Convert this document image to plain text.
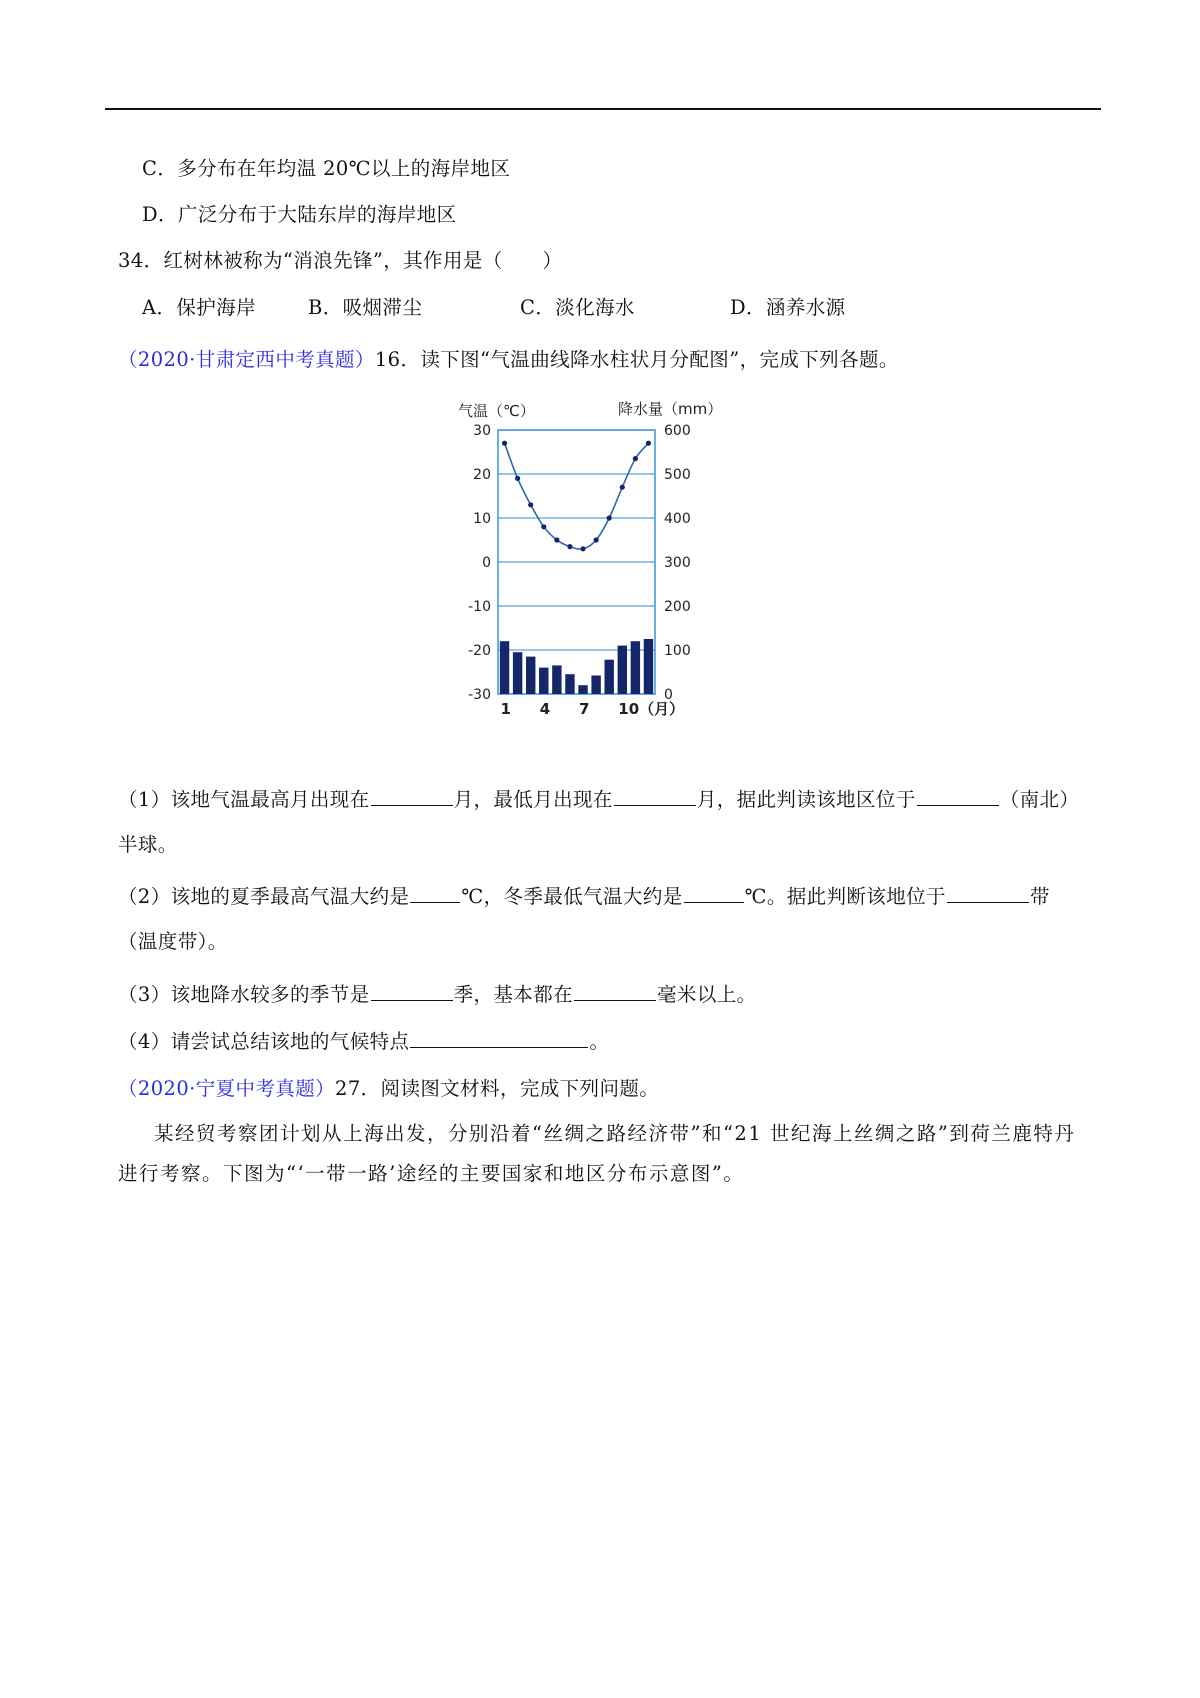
C．多分布在年均温 20℃以上的海岸地区
D．广泛分布于大陆东岸的海岸地区
34．红树林被称为“消浪先锋”，其作用是（　　）
A．保护海岸	B．吸烟滞尘	C．淡化海水	D．涵养水源
（2020·甘肃定西中考真题）16．读下图“气温曲线降水柱状月分配图”，完成下列各题。
气温（℃）	降水量（mm）
30
20
10
0
-10
-20
-30
600
500
400
300
200
100
0
1 4 7 10（月）
（1）该地气温最高月出现在	月，最低月出现在	月，据此判读该地区位于	（南北）
半球。
（2）该地的夏季最高气温大约是	℃，冬季最低气温大约是	℃。据此判断该地位于	带
（温度带）。
（3）该地降水较多的季节是	季，基本都在	毫米以上。
（4）请尝试总结该地的气候特点	。
（2020·宁夏中考真题）27．阅读图文材料，完成下列问题。
某经贸考察团计划从上海出发，分别沿着“丝绸之路经济带”和“21 世纪海上丝绸之路”到荷兰鹿特丹进行考察。下图为“‘一带一路’途经的主要国家和地区分布示意图”。
